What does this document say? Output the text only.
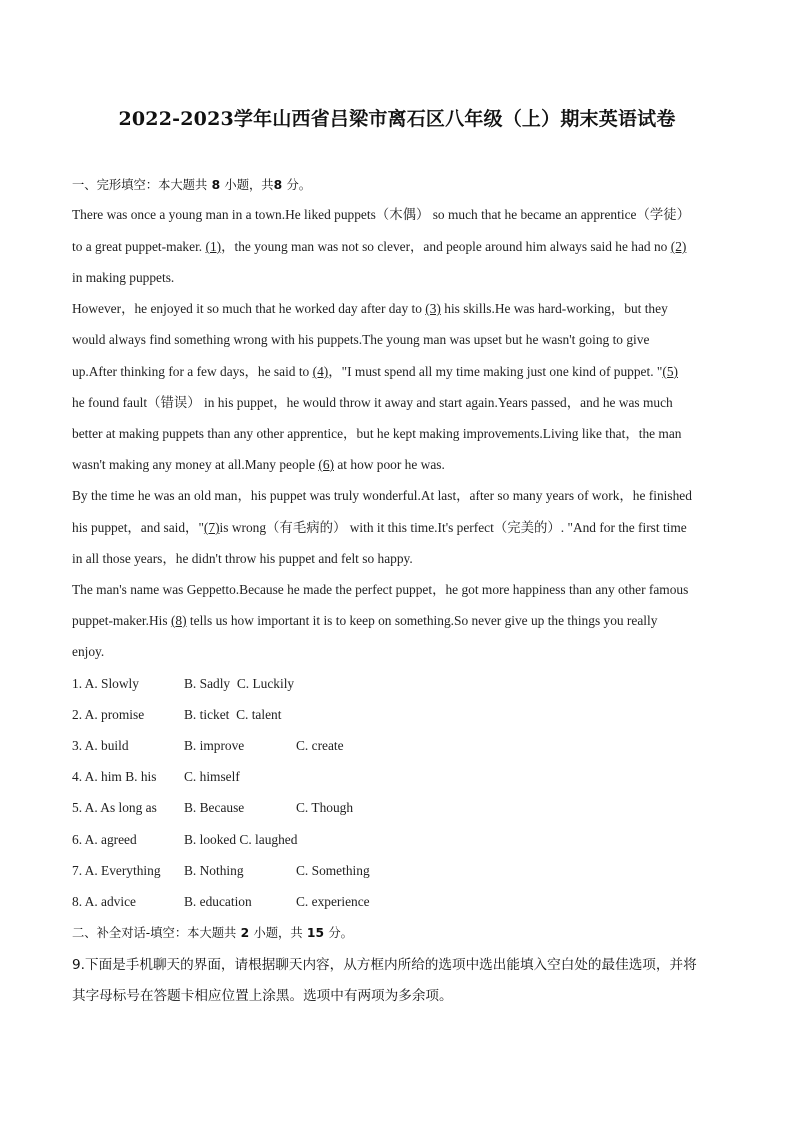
2022-2023学年山西省吕梁市离石区八年级（上）期末英语试卷
一、完形填空：本大题共 8 小题，共8 分。
There was once a young man in a town.He liked puppets（木偶） so much that he became an apprentice（学徒）
to a great puppet-maker. (1)，the young man was not so clever，and people around him always said he had no (2)
in making puppets.
However，he enjoyed it so much that he worked day after day to (3) his skills.He was hard-working，but they
would always find something wrong with his puppets.The young man was upset but he wasn't going to give
up.After thinking for a few days，he said to (4)，"I must spend all my time making just one kind of puppet. "(5)
he found fault（错误） in his puppet，he would throw it away and start again.Years passed，and he was much
better at making puppets than any other apprentice，but he kept making improvements.Living like that，the man
wasn't making any money at all.Many people (6) at how poor he was.
By the time he was an old man，his puppet was truly wonderful.At last，after so many years of work，he finished
his puppet，and said，"(7)is wrong（有毛病的） with it this time.It's perfect（完美的）. "And for the first time
in all those years，he didn't throw his puppet and felt so happy.
The man's name was Geppetto.Because he made the perfect puppet，he got more happiness than any other famous
puppet-maker.His (8) tells us how important it is to keep on something.So never give up the things you really
enjoy.
1. A. Slowly	B. Sadly C. Luckily
2. A. promise	B. ticket C. talent
3. A. build	B. improve	C. create
4. A. him B. his C. himself
5. A. As long as B. Because	C. Though
6. A. agreed	B. looked C. laughed
7. A. Everything B. Nothing	C. Something
8. A. advice	B. education	C. experience
二、补全对话-填空：本大题共 2 小题，共 15 分。
9.下面是手机聊天的界面，请根据聊天内容，从方框内所给的选项中选出能填入空白处的最佳选项，并将
其字母标号在答题卡相应位置上涂黑。选项中有两项为多余项。
